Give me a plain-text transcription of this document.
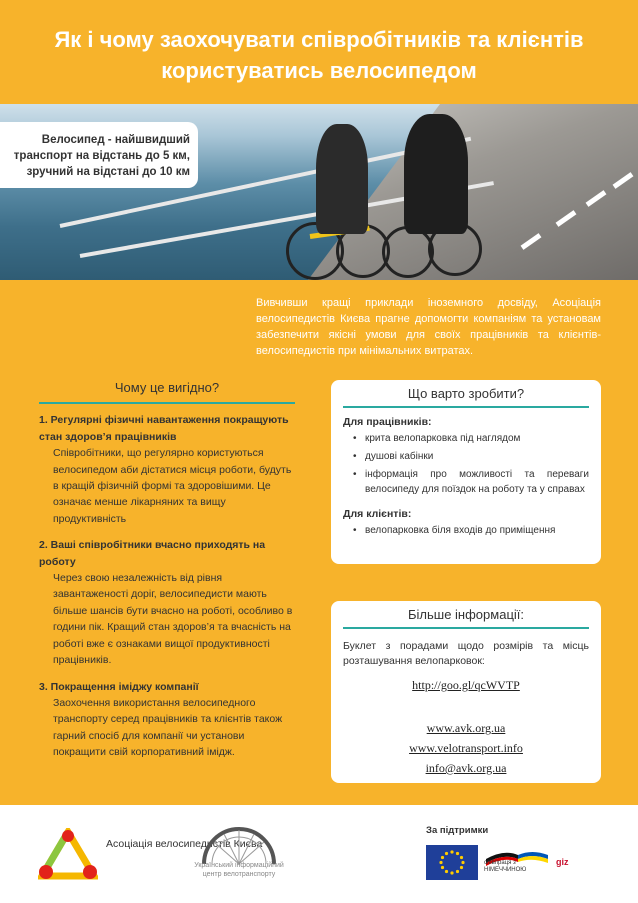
Як і чому заохочувати співробітників та клієнтів користуватись велосипедом
Велосипед - найшвидший транспорт на відстань до 5 км, зручний на відстані до 10 км
Вивчивши кращі приклади іноземного досвіду, Асоціація велосипедистів Києва прагне допомогти компаніям та установам забезпечити якісні умови для своїх працівників та клієнтів-велосипедистів при мінімальних витратах.
Чому це вигідно?
1. Регулярні фізичні навантаження покращують стан здоров’я працівників
Співробітники, що регулярно користуються велосипедом аби дістатися місця роботи, будуть в кращій фізичній формі та здоровішими. Це означає менше лікарняних та вищу продуктивність
2. Ваші співробітники вчасно приходять на роботу
Через свою незалежність від рівня завантаженості доріг, велосипедисти мають більше шансів бути вчасно на роботі, особливо в години пік. Кращий стан здоров’я та вчасність на роботі вже є ознаками вищої продуктивності працівників.
3. Покращення іміджу компанії
Заохочення використання велосипедного транспорту серед працівників та клієнтів також гарний спосіб для компанії чи установи покращити свій корпоративний імідж.
Що варто зробити?
Для працівників:
• крита велопарковка під наглядом
• душові кабінки
• інформація про можливості та переваги велосипеду для поїздок на роботу та у справах
Для клієнтів:
• велопарковка біля входів до приміщення
Більше інформації:
Буклет з порадами щодо розмірів та місць розташування велопарковок:
http://goo.gl/qcWVTP
www.avk.org.ua
www.velotransport.info
info@avk.org.ua
Асоціація велосипедистів Києва
Український інформаційний центр велотранспорту
За підтримки
співпраця з НІМЕЧЧИНОЮ
giz
